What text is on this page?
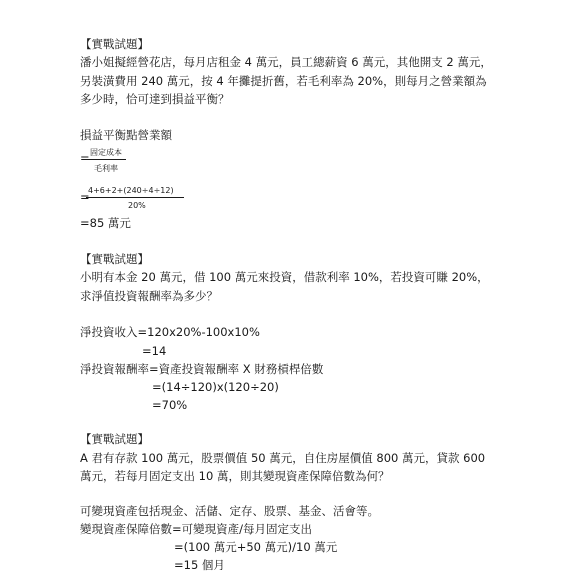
【實戰試題】
潘小姐擬經營花店，每月店租金 4 萬元，員工總薪資 6 萬元，其他開支 2 萬元，
另裝潢費用 240 萬元，按 4 年攤提折舊，若毛利率為 20%，則每月之營業額為
多少時，恰可達到損益平衡？
損益平衡點營業額
= 固定成本
毛利率
=
4+6+2+(240÷4÷12)
20%
=85 萬元
【實戰試題】
小明有本金 20 萬元，借 100 萬元來投資，借款利率 10%，若投資可賺 20%，
求淨值投資報酬率為多少？
淨投資收入=120x20%-100x10%
=14
淨投資報酬率=資產投資報酬率 X 財務槓桿倍數
=(14÷120)x(120÷20)
=70%
【實戰試題】
A 君有存款 100 萬元，股票價值 50 萬元，自住房屋價值 800 萬元，貸款 600
萬元，若每月固定支出 10 萬，則其變現資產保障倍數為何？
可變現資產包括現金、活儲、定存、股票、基金、活會等。
變現資產保障倍數=可變現資產/每月固定支出
=(100 萬元+50 萬元)/10 萬元
=15 個月
